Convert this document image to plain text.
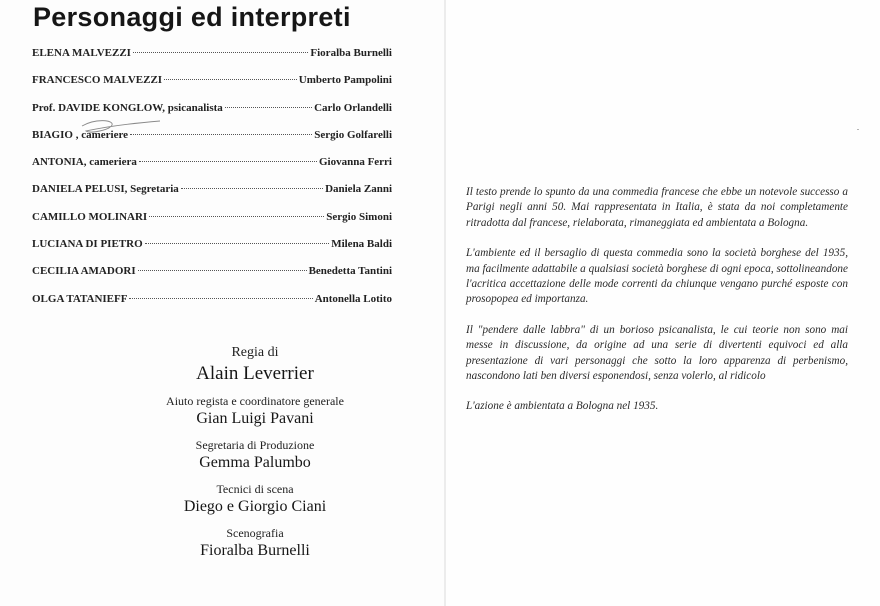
Personaggi ed interpreti
ELENA MALVEZZI	Fioralba Burnelli
FRANCESCO MALVEZZI	Umberto Pampolini
Prof. DAVIDE KONGLOW, psicanalista	Carlo Orlandelli
BIAGIO , cameriere	Sergio Golfarelli
ANTONIA, cameriera	Giovanna Ferri
DANIELA PELUSI, Segretaria	Daniela Zanni
CAMILLO MOLINARI	Sergio Simoni
LUCIANA DI PIETRO	Milena Baldi
CECILIA AMADORI	Benedetta Tantini
OLGA TATANIEFF	Antonella Lotito
Regia di
Alain Leverrier
Aiuto regista e coordinatore generale
Gian Luigi Pavani
Segretaria di Produzione
Gemma Palumbo
Tecnici di scena
Diego e Giorgio Ciani
Scenografia
Fioralba Burnelli

Il testo prende lo spunto da una commedia francese che ebbe un notevole successo a Parigi negli anni 50. Mai rappresentata in Italia, è stata da noi completamente ritradotta dal francese, rielaborata, rimaneggiata ed ambientata a Bologna.

L'ambiente ed il bersaglio di questa commedia sono la società borghese del 1935, ma facilmente adattabile a qualsiasi società borghese di ogni epoca, sottolineandone l'acritica accettazione delle mode correnti da chiunque vengano purché esposte con prosopopea ed importanza.

Il "pendere dalle labbra" di un borioso psicanalista, le cui teorie non sono mai messe in discussione, da origine ad una serie di divertenti equivoci ed alla presentazione di vari personaggi che sotto la loro apparenza di perbenismo, nascondono lati ben diversi esponendosi, senza volerlo, al ridicolo

L'azione è ambientata a Bologna nel 1935.
